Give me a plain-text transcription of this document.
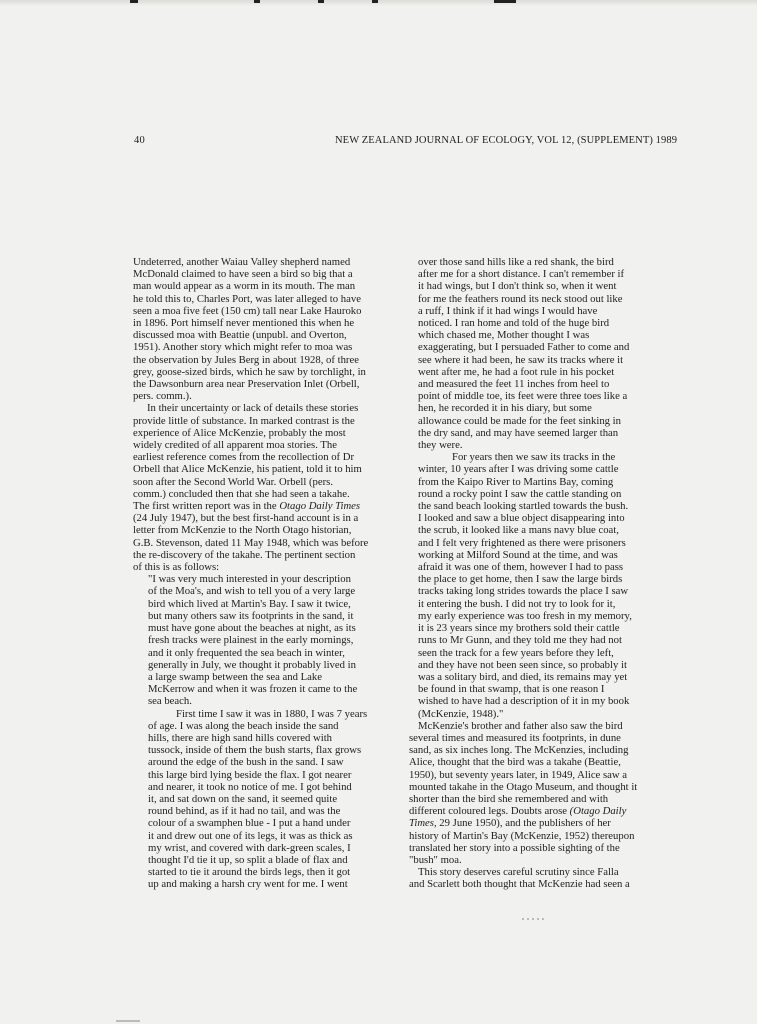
40	NEW ZEALAND JOURNAL OF ECOLOGY, VOL 12, (SUPPLEMENT) 1989
Undeterred, another Waiau Valley shepherd named
McDonald claimed to have seen a bird so big that a
man would appear as a worm in its mouth. The man
he told this to, Charles Port, was later alleged to have
seen a moa five feet (150 cm) tall near Lake Hauroko
in 1896. Port himself never mentioned this when he
discussed moa with Beattie (unpubl. and Overton,
1951). Another story which might refer to moa was
the observation by Jules Berg in about 1928, of three
grey, goose-sized birds, which he saw by torchlight, in
the Dawsonburn area near Preservation Inlet (Orbell,
pers. comm.).
In their uncertainty or lack of details these stories
provide little of substance. In marked contrast is the
experience of Alice McKenzie, probably the most
widely credited of all apparent moa stories. The
earliest reference comes from the recollection of Dr
Orbell that Alice McKenzie, his patient, told it to him
soon after the Second World War. Orbell (pers.
comm.) concluded then that she had seen a takahe.
The first written report was in the Otago Daily Times
(24 July 1947), but the best first-hand account is in a
letter from McKenzie to the North Otago historian,
G.B. Stevenson, dated 11 May 1948, which was before
the re-discovery of the takahe. The pertinent section
of this is as follows:
"I was very much interested in your description
of the Moa's, and wish to tell you of a very large
bird which lived at Martin's Bay. I saw it twice,
but many others saw its footprints in the sand, it
must have gone about the beaches at night, as its
fresh tracks were plainest in the early mornings,
and it only frequented the sea beach in winter,
generally in July, we thought it probably lived in
a large swamp between the sea and Lake
McKerrow and when it was frozen it came to the
sea beach.
First time I saw it was in 1880, I was 7 years
of age. I was along the beach inside the sand
hills, there are high sand hills covered with
tussock, inside of them the bush starts, flax grows
around the edge of the bush in the sand. I saw
this large bird lying beside the flax. I got nearer
and nearer, it took no notice of me. I got behind
it, and sat down on the sand, it seemed quite
round behind, as if it had no tail, and was the
colour of a swamphen blue - I put a hand under
it and drew out one of its legs, it was as thick as
my wrist, and covered with dark-green scales, I
thought I'd tie it up, so split a blade of flax and
started to tie it around the birds legs, then it got
up and making a harsh cry went for me. I went
over those sand hills like a red shank, the bird
after me for a short distance. I can't remember if
it had wings, but I don't think so, when it went
for me the feathers round its neck stood out like
a ruff, I think if it had wings I would have
noticed. I ran home and told of the huge bird
which chased me, Mother thought I was
exaggerating, but I persuaded Father to come and
see where it had been, he saw its tracks where it
went after me, he had a foot rule in his pocket
and measured the feet 11 inches from heel to
point of middle toe, its feet were three toes like a
hen, he recorded it in his diary, but some
allowance could be made for the feet sinking in
the dry sand, and may have seemed larger than
they were.
For years then we saw its tracks in the
winter, 10 years after I was driving some cattle
from the Kaipo River to Martins Bay, coming
round a rocky point I saw the cattle standing on
the sand beach looking startled towards the bush.
I looked and saw a blue object disappearing into
the scrub, it looked like a mans navy blue coat,
and I felt very frightened as there were prisoners
working at Milford Sound at the time, and was
afraid it was one of them, however I had to pass
the place to get home, then I saw the large birds
tracks taking long strides towards the place I saw
it entering the bush. I did not try to look for it,
my early experience was too fresh in my memory,
it is 23 years since my brothers sold their cattle
runs to Mr Gunn, and they told me they had not
seen the track for a few years before they left,
and they have not been seen since, so probably it
was a solitary bird, and died, its remains may yet
be found in that swamp, that is one reason I
wished to have had a description of it in my book
(McKenzie, 1948)."
McKenzie's brother and father also saw the bird
several times and measured its footprints, in dune
sand, as six inches long. The McKenzies, including
Alice, thought that the bird was a takahe (Beattie,
1950), but seventy years later, in 1949, Alice saw a
mounted takahe in the Otago Museum, and thought it
shorter than the bird she remembered and with
different coloured legs. Doubts arose (Otago Daily
Times, 29 June 1950), and the publishers of her
history of Martin's Bay (McKenzie, 1952) thereupon
translated her story into a possible sighting of the
"bush" moa.
This story deserves careful scrutiny since Falla
and Scarlett both thought that McKenzie had seen a
